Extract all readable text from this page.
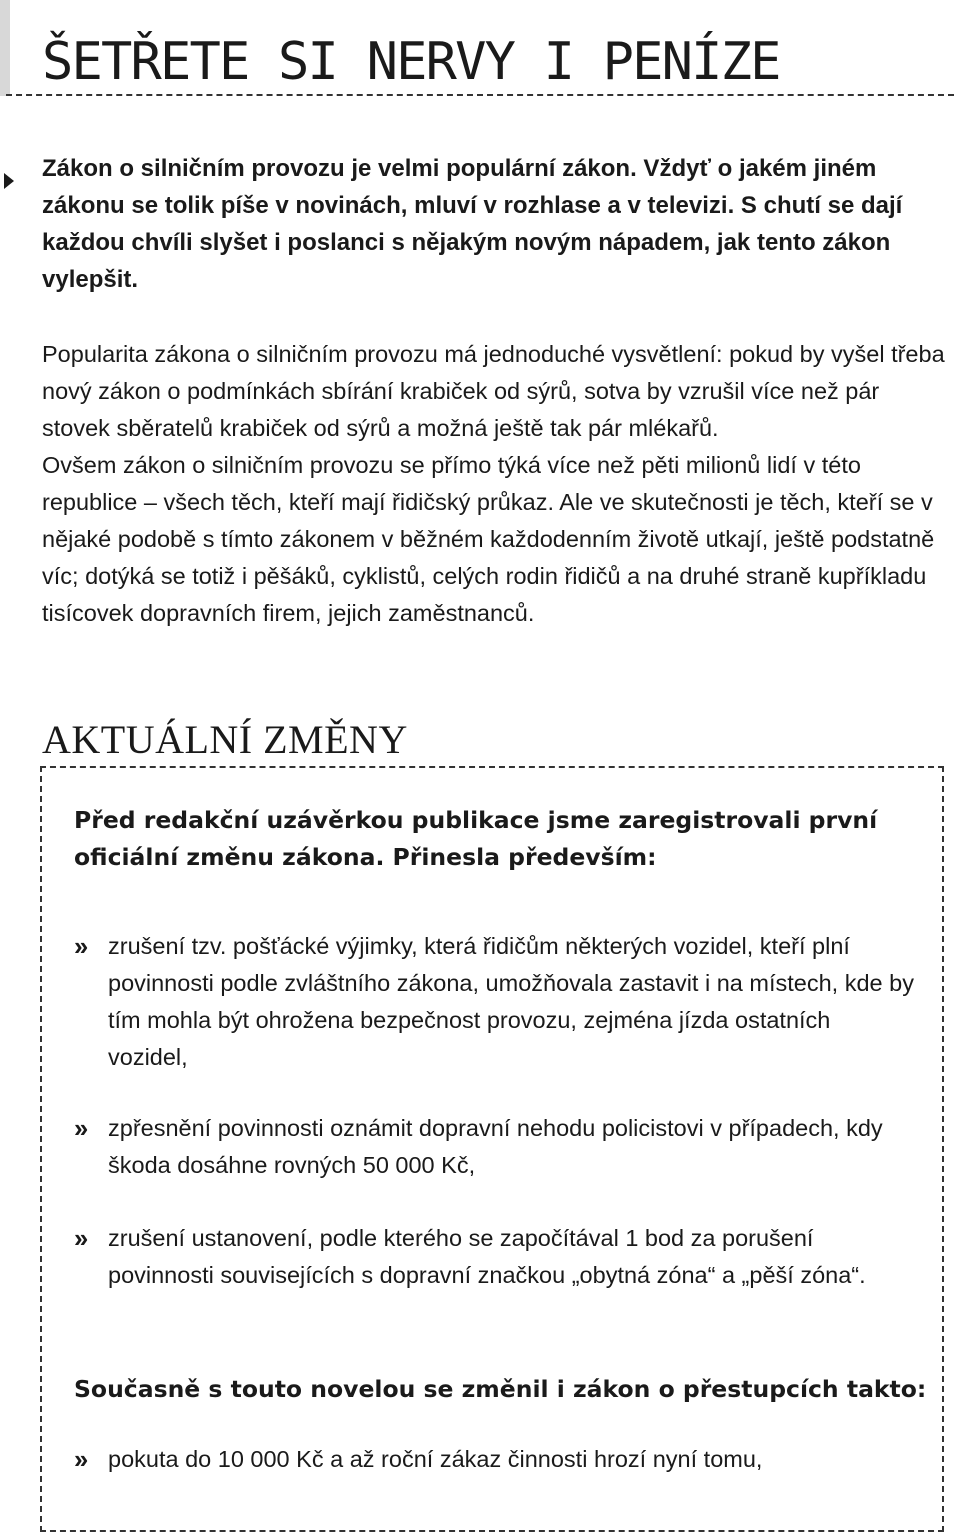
ŠETŘETE SI NERVY I PENÍZE

Zákon o silničním provozu je velmi populární zákon. Vždyť o jakém jiném zákonu se tolik píše v novinách, mluví v rozhlase a v televizi. S chutí se dají každou chvíli slyšet i poslanci s nějakým novým nápadem, jak tento zákon vylepšit.

Popularita zákona o silničním provozu má jednoduché vysvětlení: pokud by vyšel třeba nový zákon o podmínkách sbírání krabiček od sýrů, sotva by vzrušil více než pár stovek sběratelů krabiček od sýrů a možná ještě tak pár mlékařů.

Ovšem zákon o silničním provozu se přímo týká více než pěti milionů lidí v této republice – všech těch, kteří mají řidičský průkaz. Ale ve skutečnosti je těch, kteří se v nějaké podobě s tímto zákonem v běžném každodenním životě utkají, ještě podstatně víc; dotýká se totiž i pěšáků, cyklistů, celých rodin řidičů a na druhé straně kupříkladu tisícovek dopravních firem, jejich zaměstnanců.

AKTUÁLNÍ ZMĚNY

Před redakční uzávěrkou publikace jsme zaregistrovali první oficiální změnu zákona. Přinesla především:

›› zrušení tzv. pošťácké výjimky, která řidičům některých vozidel, kteří plní povinnosti podle zvláštního zákona, umožňovala zastavit i na místech, kde by tím mohla být ohrožena bezpečnost provozu, zejména jízda ostatních vozidel,
›› zpřesnění povinnosti oznámit dopravní nehodu policistovi v případech, kdy škoda dosáhne rovných 50 000 Kč,
›› zrušení ustanovení, podle kterého se započítával 1 bod za porušení povinnosti souvisejících s dopravní značkou „obytná zóna“ a „pěší zóna“.

Současně s touto novelou se změnil i zákon o přestupcích takto:

›› pokuta do 10 000 Kč a až roční zákaz činnosti hrozí nyní tomu,
